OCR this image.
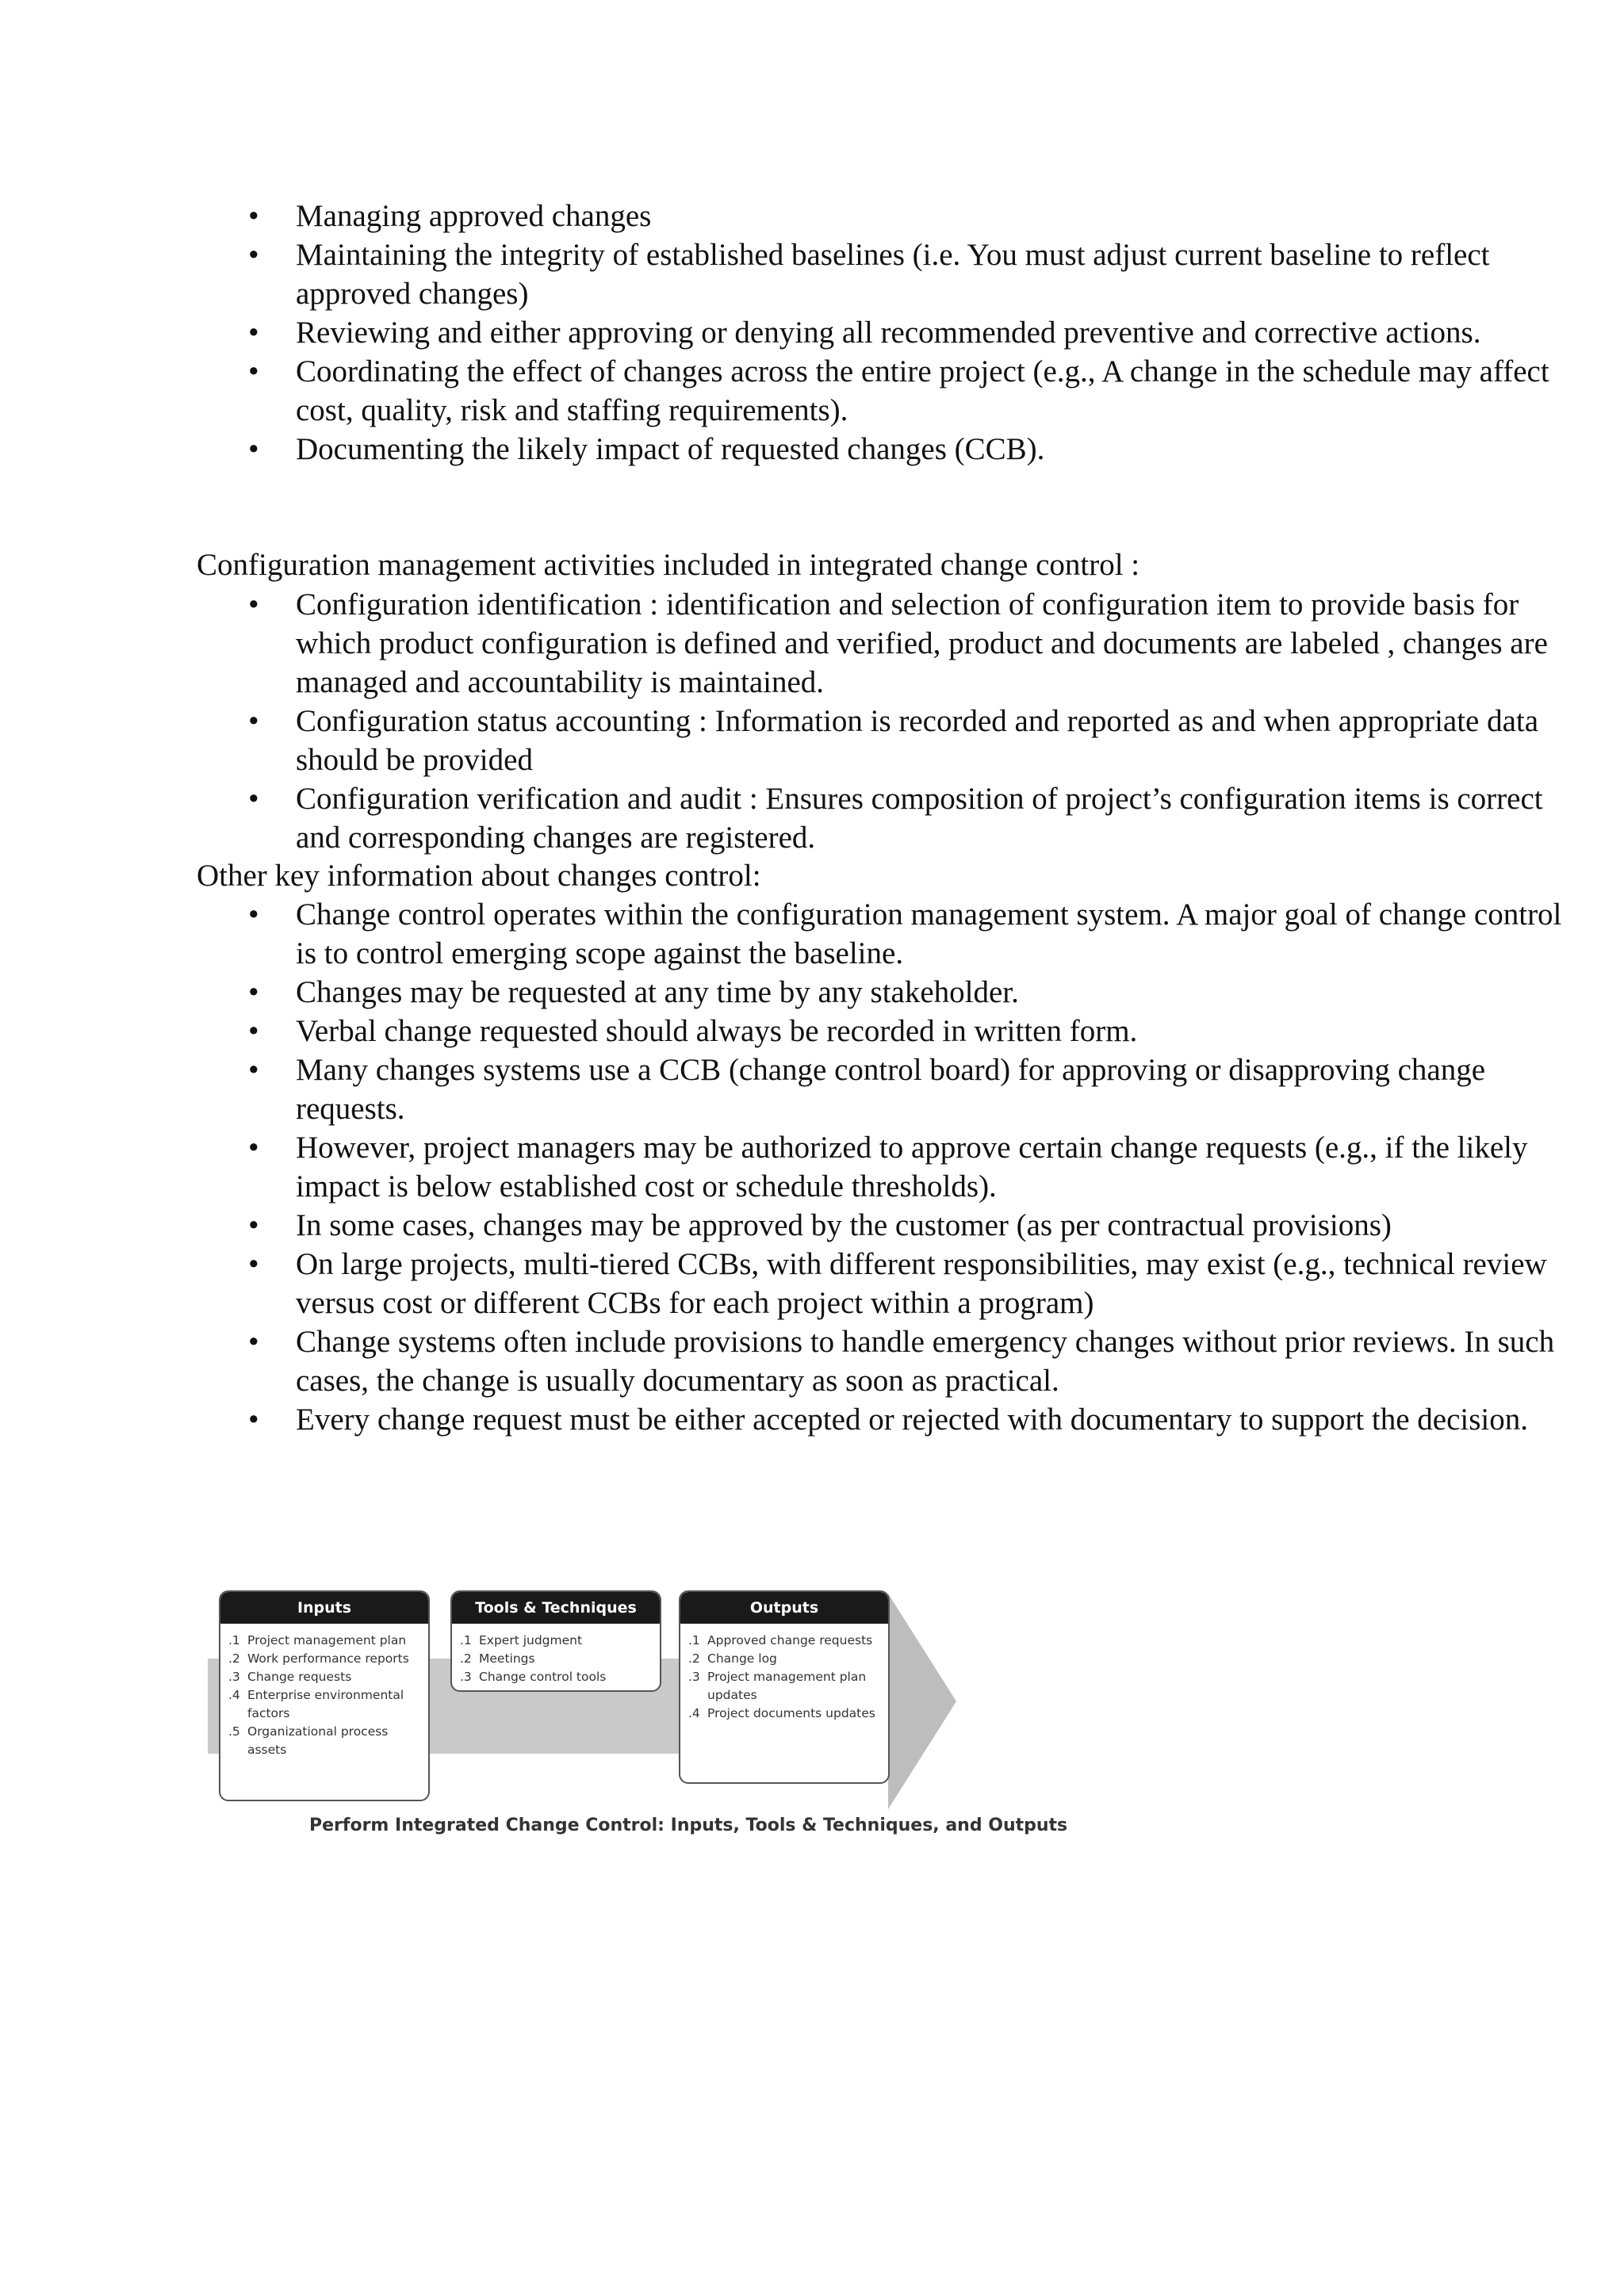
• Managing approved changes
• Maintaining the integrity of established baselines (i.e. You must adjust current baseline to reflect approved changes)
• Reviewing and either approving or denying all recommended preventive and corrective actions.
• Coordinating the effect of changes across the entire project (e.g., A change in the schedule may affect cost, quality, risk and staffing requirements).
• Documenting the likely impact of requested changes (CCB).
Configuration management activities included in integrated change control :
• Configuration identification : identification and selection of configuration item to provide basis for which product configuration is defined and verified, product and documents are labeled , changes are managed and accountability is maintained.
• Configuration status accounting : Information is recorded and reported as and when appropriate data should be provided
• Configuration verification and audit : Ensures composition of project’s configuration items is correct and corresponding changes are registered.
Other key information about changes control:
• Change control operates within the configuration management system. A major goal of change control is to control emerging scope against the baseline.
• Changes may be requested at any time by any stakeholder.
• Verbal change requested should always be recorded in written form.
• Many changes systems use a CCB (change control board) for approving or disapproving change requests.
• However, project managers may be authorized to approve certain change requests (e.g., if the likely impact is below established cost or schedule thresholds).
• In some cases, changes may be approved by the customer (as per contractual provisions)
• On large projects, multi-tiered CCBs, with different responsibilities, may exist (e.g., technical review versus cost or different CCBs for each project within a program)
• Change systems often include provisions to handle emergency changes without prior reviews. In such cases, the change is usually documentary as soon as practical.
• Every change request must be either accepted or rejected with documentary to support the decision.
Inputs
.1 Project management plan
.2 Work performance reports
.3 Change requests
.4 Enterprise environmental factors
.5 Organizational process assets
Tools & Techniques
.1 Expert judgment
.2 Meetings
.3 Change control tools
Outputs
.1 Approved change requests
.2 Change log
.3 Project management plan updates
.4 Project documents updates
Perform Integrated Change Control: Inputs, Tools & Techniques, and Outputs
